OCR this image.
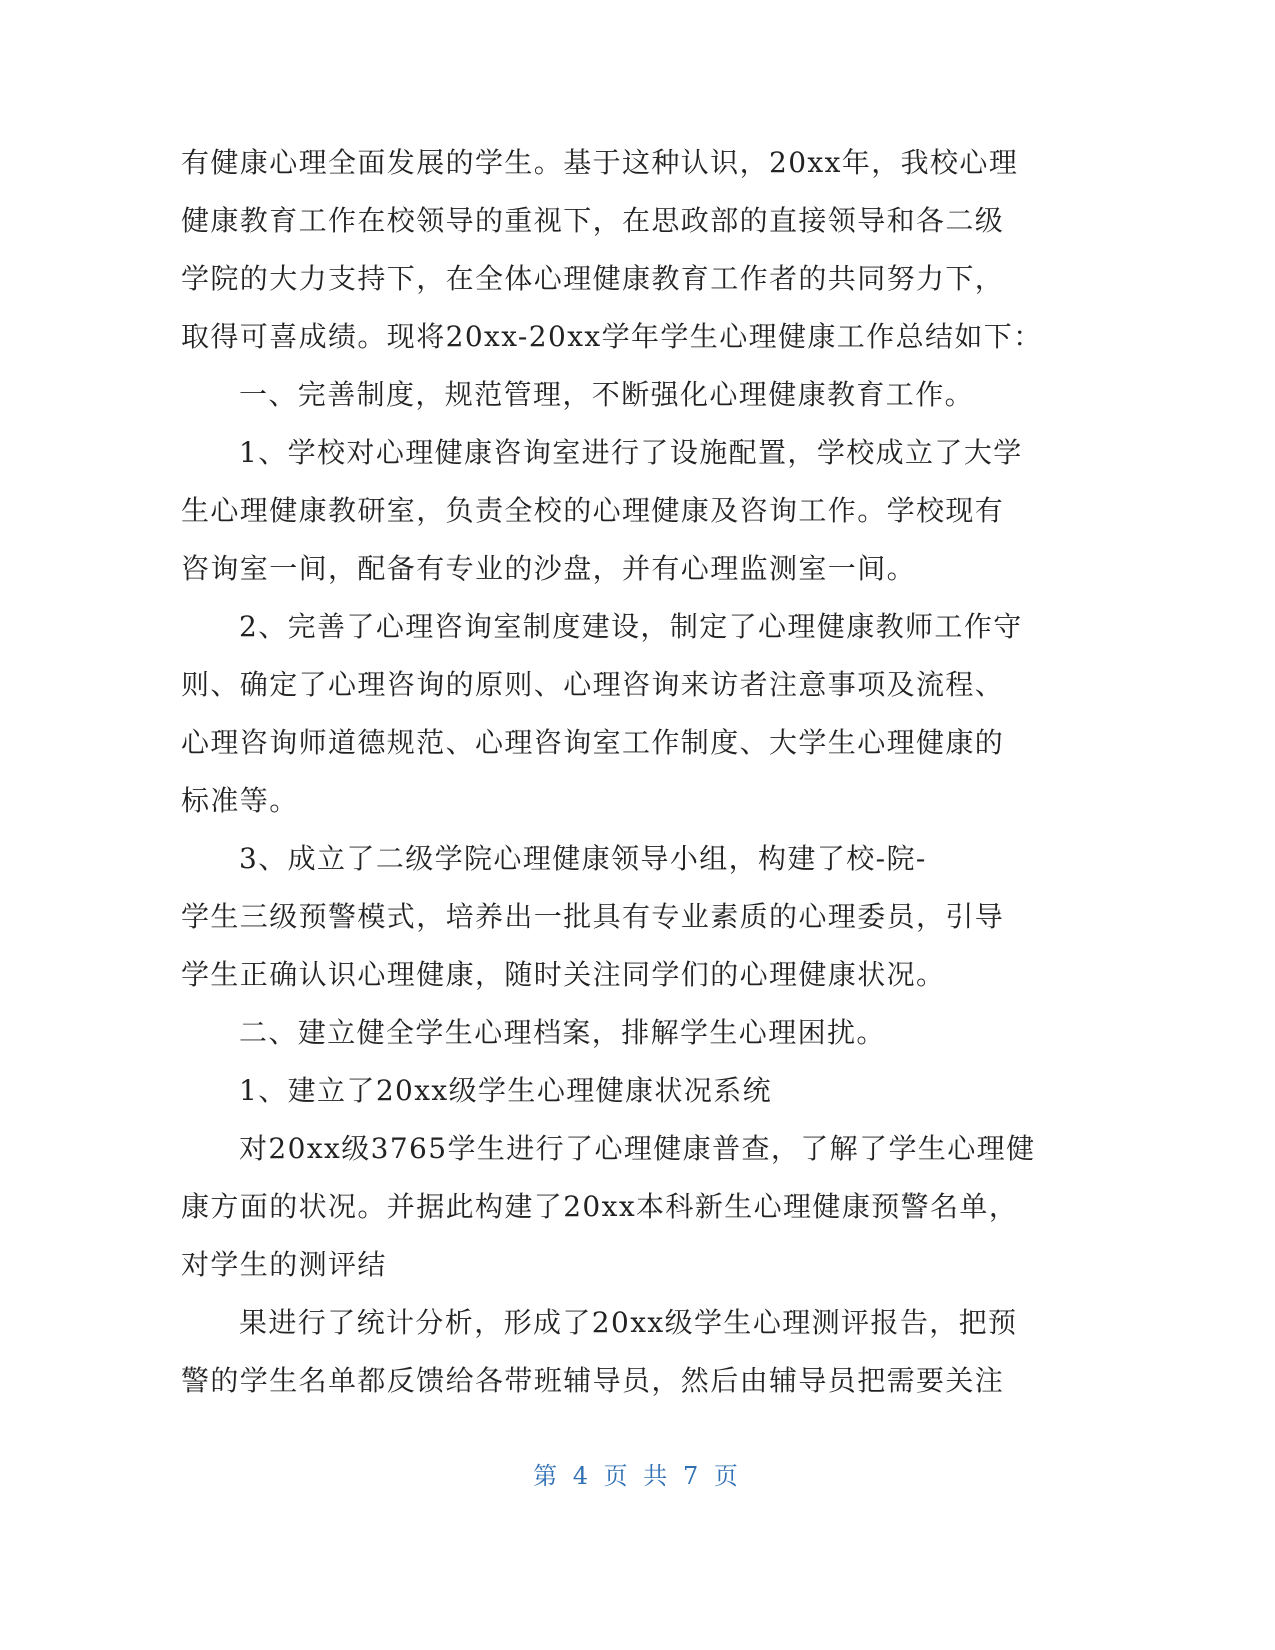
有健康心理全面发展的学生。基于这种认识，20xx年，我校心理
健康教育工作在校领导的重视下，在思政部的直接领导和各二级
学院的大力支持下，在全体心理健康教育工作者的共同努力下，
取得可喜成绩。现将20xx-20xx学年学生心理健康工作总结如下：
一、完善制度，规范管理，不断强化心理健康教育工作。
1、学校对心理健康咨询室进行了设施配置，学校成立了大学
生心理健康教研室，负责全校的心理健康及咨询工作。学校现有
咨询室一间，配备有专业的沙盘，并有心理监测室一间。
2、完善了心理咨询室制度建设，制定了心理健康教师工作守
则、确定了心理咨询的原则、心理咨询来访者注意事项及流程、
心理咨询师道德规范、心理咨询室工作制度、大学生心理健康的
标准等。
3、成立了二级学院心理健康领导小组，构建了校-院-
学生三级预警模式，培养出一批具有专业素质的心理委员，引导
学生正确认识心理健康，随时关注同学们的心理健康状况。
二、建立健全学生心理档案，排解学生心理困扰。
1、建立了20xx级学生心理健康状况系统
对20xx级3765学生进行了心理健康普查，了解了学生心理健
康方面的状况。并据此构建了20xx本科新生心理健康预警名单，
对学生的测评结
果进行了统计分析，形成了20xx级学生心理测评报告，把预
警的学生名单都反馈给各带班辅导员，然后由辅导员把需要关注
第 4 页 共 7 页
